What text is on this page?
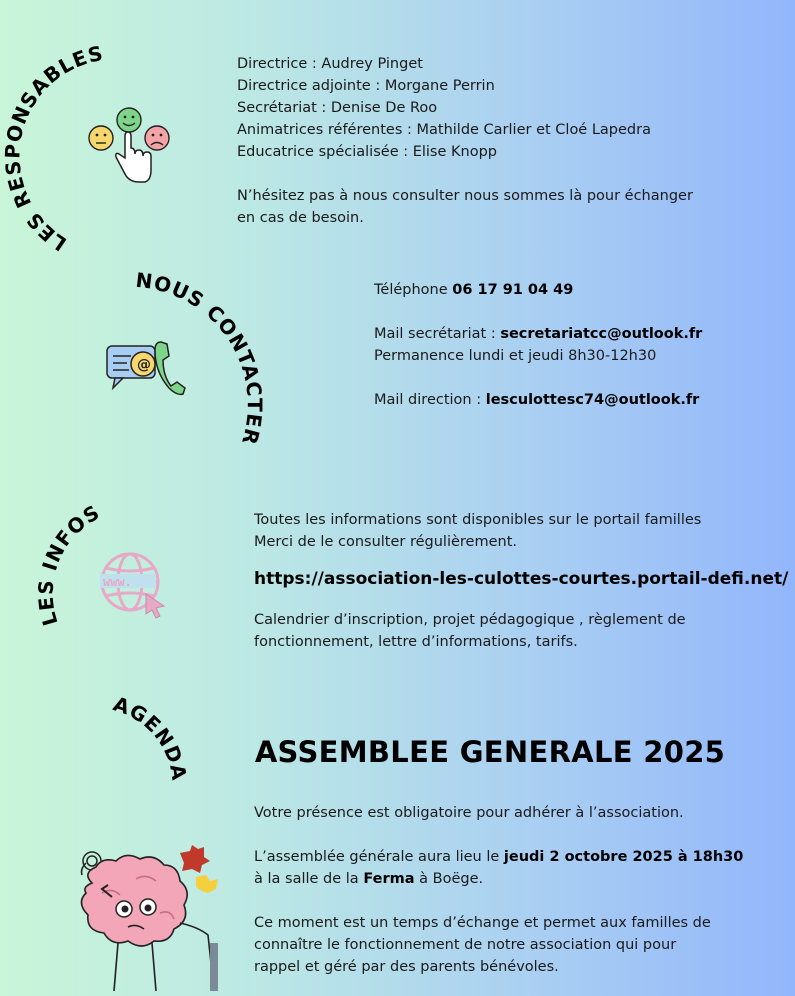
LES RESPONSABLES	Directrice : Audrey Pinget

Directrice adjointe : Morgane Perrin

Secrétariat : Denise De Roo

Animatrices référentes : Mathilde Carlier et Cloé Lapedra

Educatrice spécialisée : Elise Knopp

N’hésitez pas à nous consulter nous sommes là pour échanger

en cas de besoin.

NOUS CONTACTER
@

Téléphone 06 17 91 04 49

Mail secrétariat : secretariatcc@outlook.fr

Permanence lundi et jeudi 8h30-12h30

Mail direction : lesculottesc74@outlook.fr

LES INFOS
www.

Toutes les informations sont disponibles sur le portail familles

Merci de le consulter régulièrement.

https://association-les-culottes-courtes.portail-defi.net/

Calendrier d’inscription, projet pédagogique , règlement de

fonctionnement, lettre d’informations, tarifs.

AGENDA
ASSEMBLEE GENERALE 2025

Votre présence est obligatoire pour adhérer à l’association.

L’assemblée générale aura lieu le jeudi 2 octobre 2025 à 18h30

à la salle de la Ferma à Boëge.

Ce moment est un temps d’échange et permet aux familles de

connaître le fonctionnement de notre association qui pour

rappel et géré par des parents bénévoles.
